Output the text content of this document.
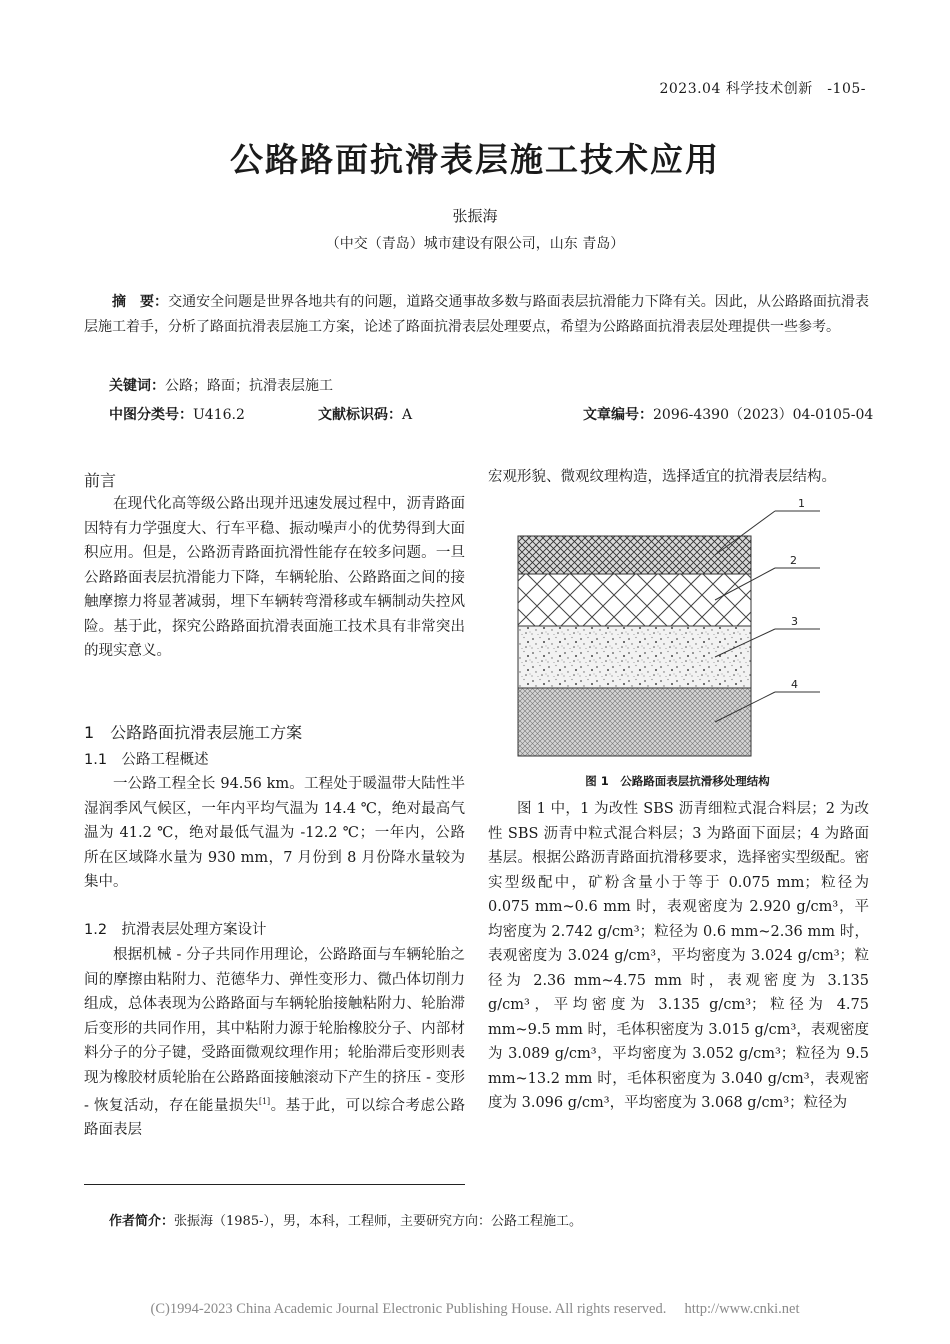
2023.04 科学技术创新　-105-
公路路面抗滑表层施工技术应用
张振海
（中交（青岛）城市建设有限公司，山东 青岛）
摘　要：交通安全问题是世界各地共有的问题，道路交通事故多数与路面表层抗滑能力下降有关。因此，从公路路面抗滑表层施工着手，分析了路面抗滑表层施工方案，论述了路面抗滑表层处理要点，希望为公路路面抗滑表层处理提供一些参考。
关键词：公路；路面；抗滑表层施工
中图分类号：U416.2	文献标识码：A	文章编号：2096-4390（2023）04-0105-04
前言
在现代化高等级公路出现并迅速发展过程中，沥青路面因特有力学强度大、行车平稳、振动噪声小的优势得到大面积应用。但是，公路沥青路面抗滑性能存在较多问题。一旦公路路面表层抗滑能力下降，车辆轮胎、公路路面之间的接触摩擦力将显著减弱，埋下车辆转弯滑移或车辆制动失控风险。基于此，探究公路路面抗滑表面施工技术具有非常突出的现实意义。
1　公路路面抗滑表层施工方案
1.1　公路工程概述
一公路工程全长 94.56 km。工程处于暖温带大陆性半湿润季风气候区，一年内平均气温为 14.4 ℃，绝对最高气温为 41.2 ℃，绝对最低气温为 -12.2 ℃；一年内，公路所在区域降水量为 930 mm，7 月份到 8 月份降水量较为集中。
1.2　抗滑表层处理方案设计
根据机械 - 分子共同作用理论，公路路面与车辆轮胎之间的摩擦由粘附力、范德华力、弹性变形力、微凸体切削力组成，总体表现为公路路面与车辆轮胎接触粘附力、轮胎滞后变形的共同作用，其中粘附力源于轮胎橡胶分子、内部材料分子的分子键，受路面微观纹理作用；轮胎滞后变形则表现为橡胶材质轮胎在公路路面接触滚动下产生的挤压 - 变形 - 恢复活动，存在能量损失[1]。基于此，可以综合考虑公路路面表层
宏观形貌、微观纹理构造，选择适宜的抗滑表层结构。
1
2
3
4
图 1　公路路面表层抗滑移处理结构
图 1 中，1 为改性 SBS 沥青细粒式混合料层；2 为改性 SBS 沥青中粒式混合料层；3 为路面下面层；4 为路面基层。根据公路沥青路面抗滑移要求，选择密实型级配。密实型级配中，矿粉含量小于等于 0.075 mm；粒径为 0.075 mm~0.6 mm 时，表观密度为 2.920 g/cm³，平均密度为 2.742 g/cm³；粒径为 0.6 mm~2.36 mm 时，表观密度为 3.024 g/cm³，平均密度为 3.024 g/cm³；粒径为 2.36 mm~4.75 mm 时，表观密度为 3.135 g/cm³，平均密度为 3.135 g/cm³；粒径为 4.75 mm~9.5 mm 时，毛体积密度为 3.015 g/cm³，表观密度为 3.089 g/cm³，平均密度为 3.052 g/cm³；粒径为 9.5 mm~13.2 mm 时，毛体积密度为 3.040 g/cm³，表观密度为 3.096 g/cm³，平均密度为 3.068 g/cm³；粒径为
作者简介：张振海（1985-），男，本科，工程师，主要研究方向：公路工程施工。
(C)1994-2023 China Academic Journal Electronic Publishing House. All rights reserved.　 http://www.cnki.net
